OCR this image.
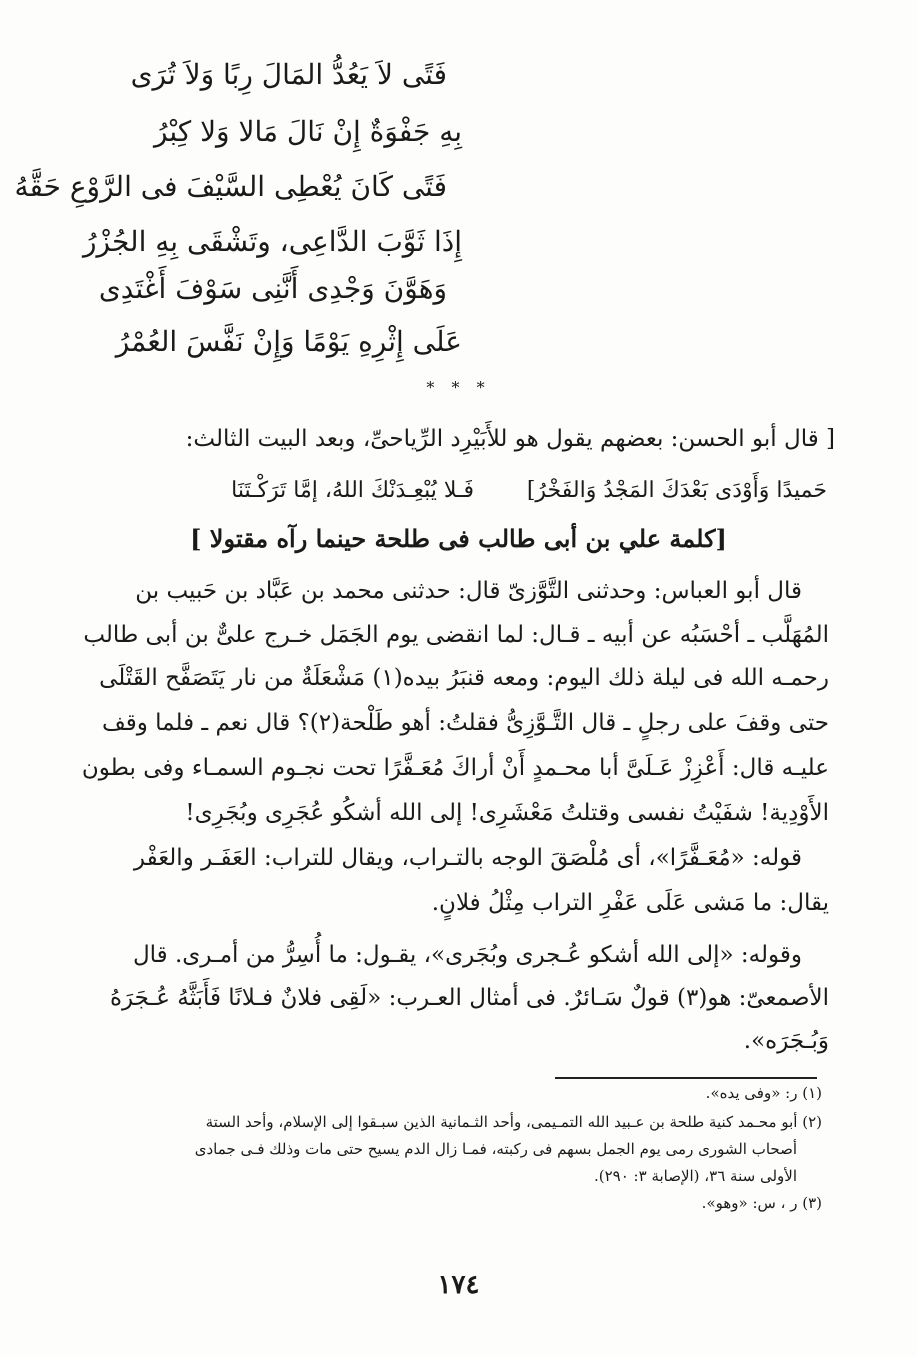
فَتًى لاَ يَعُدُّ المَالَ رِبًا وَلاَ تُرَى
بِهِ جَفْوَةٌ إِنْ نَالَ مَالا وَلا كِبْرُ
فَتًى كَانَ يُعْطِى السَّيْفَ فى الرَّوْعِ حَقَّهُ
إِذَا ثَوَّبَ الدَّاعِى، وتَشْقَى بِهِ الجُزْرُ
وَهَوَّنَ وَجْدِى أَنَّنِى سَوْفَ أَغْتَدِى
عَلَى إِثْرِهِ يَوْمًا وَإِنْ نَفَّسَ العُمْرُ
* * *
[ قال أبو الحسن: بعضهم يقول هو للأَبَيْرِد الرِّياحىِّ، وبعد البيت الثالث:
فَـلا يُبْعِـدَنْكَ اللهُ، إمَّا تَرَكْـتَنَا حَميدًا وَأَوْدَى بَعْدَكَ المَجْدُ وَالفَخْرُ]
[كلمة علي بن أبى طالب فى طلحة حينما رآه مقتولا ]
قال أبو العباس: وحدثنى التَّوَّزىّ قال: حدثنى محمد بن عَبَّاد بن حَبيب بن
المُهَلَّب ـ أحْسَبُه عن أبيه ـ قـال: لما انقضى يوم الجَمَل خـرج علىٌّ بن أبى طالب
رحمـه الله فى ليلة ذلك اليوم: ومعه قنبَرُ بيده(١) مَشْعَلَةٌ من نار يَتَصَفَّح القَتْلَى
حتى وقفَ على رجلٍ ـ قال التَّـوَّزِىُّ فقلتُ: أهو طَلْحة(٢)؟ قال نعم ـ فلما وقف
عليـه قال: أَعْزِزْ عَـلَىَّ أبا محـمدٍ أَنْ أراكَ مُعَـفَّرًا تحت نجـوم السمـاء وفى بطون
الأَوْدِية! شفَيْتُ نفسى وقتلتُ مَعْشَرِى! إلى الله أشكُو عُجَرِى وبُجَرِى!
قوله: «مُعَـفَّرًا»، أى مُلْصَقَ الوجه بالتـراب، ويقال للتراب: العَفَـر والعَفْر
يقال: ما مَشى عَلَى عَفْرِ التراب مِثْلُ فلانٍ.
وقوله: «إلى الله أشكو عُـجرى وبُجَرى»، يقـول: ما أُسِرُّ من أمـرى. قال
الأصمعىّ: هو(٣) قولٌ سَـائرٌ. فى أمثال العـرب: «لَقِى فلانٌ فـلانًا فَأَبَثَّهُ عُـجَرَهُ
وَبُـجَرَه».
(١) ر: «وفى يده».
(٢) أبو محـمد كنية طلحة بن عـبيد الله التمـيمى، وأحد الثـمانية الذين سبـقوا إلى الإسلام، وأحد الستة
أصحاب الشورى رمى يوم الجمل بسهم فى ركبته، فمـا زال الدم يسيح حتى مات وذلك فـى جمادى
الأولى سنة ٣٦، (الإصابة ٣: ٢٩٠).
(٣) ر ، س: «وهو».
١٧٤
